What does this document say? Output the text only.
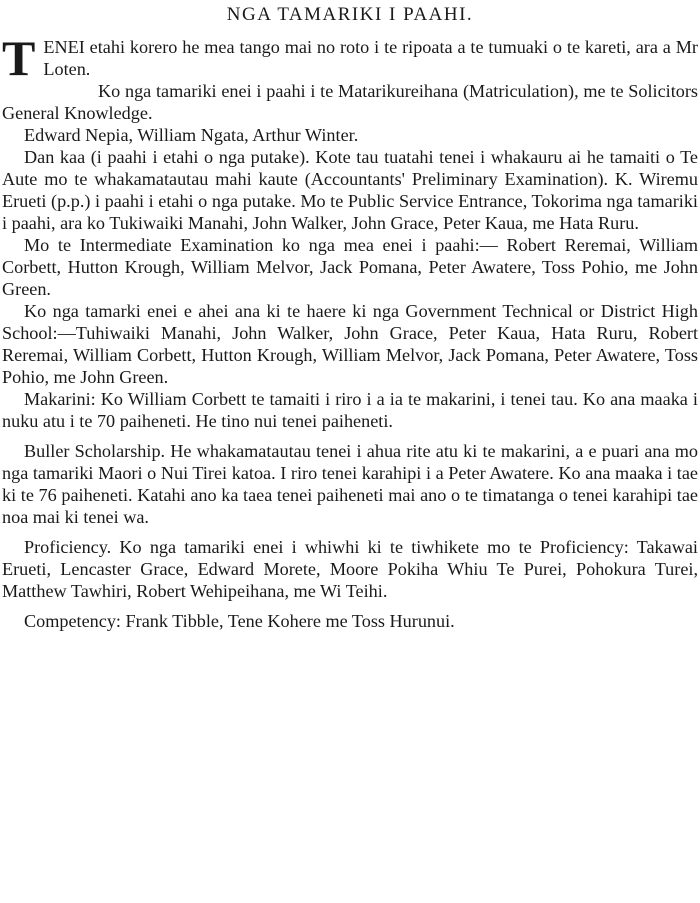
NGA TAMARIKI I PAAHI.

TENEI etahi korero he mea tango mai no roto i te ripoata a te tumuaki o te kareti, ara a Mr Loten.

Ko nga tamariki enei i paahi i te Matarikureihana (Matriculation), me te Solicitors General Knowledge.

Edward Nepia, William Ngata, Arthur Winter.

Dan kaa (i paahi i etahi o nga putake). Kote tau tuatahi tenei i whakauru ai he tamaiti o Te Aute mo te whakamatautau mahi kaute (Accountants' Preliminary Examination). K. Wiremu Erueti (p.p.) i paahi i etahi o nga putake. Mo te Public Service Entrance, Tokorima nga tamariki i paahi, ara ko Tukiwaiki Manahi, John Walker, John Grace, Peter Kaua, me Hata Ruru.

Mo te Intermediate Examination ko nga mea enei i paahi:— Robert Reremai, William Corbett, Hutton Krough, William Melvor, Jack Pomana, Peter Awatere, Toss Pohio, me John Green.

Ko nga tamarki enei e ahei ana ki te haere ki nga Government Technical or District High School:—Tuhiwaiki Manahi, John Walker, John Grace, Peter Kaua, Hata Ruru, Robert Reremai, William Corbett, Hutton Krough, William Melvor, Jack Pomana, Peter Awatere, Toss Pohio, me John Green.

Makarini: Ko William Corbett te tamaiti i riro i a ia te makarini, i tenei tau. Ko ana maaka i nuku atu i te 70 paiheneti. He tino nui tenei paiheneti.

Buller Scholarship. He whakamatautau tenei i ahua rite atu ki te makarini, a e puari ana mo nga tamariki Maori o Nui Tirei katoa. I riro tenei karahipi i a Peter Awatere. Ko ana maaka i tae ki te 76 paiheneti. Katahi ano ka taea tenei paiheneti mai ano o te timatanga o tenei karahipi tae noa mai ki tenei wa.

Proficiency. Ko nga tamariki enei i whiwhi ki te tiwhikete mo te Proficiency: Takawai Erueti, Lencaster Grace, Edward Morete, Moore Pokiha Whiu Te Purei, Pohokura Turei, Matthew Tawhiri, Robert Wehipeihana, me Wi Teihi.

Competency: Frank Tibble, Tene Kohere me Toss Hurunui.
